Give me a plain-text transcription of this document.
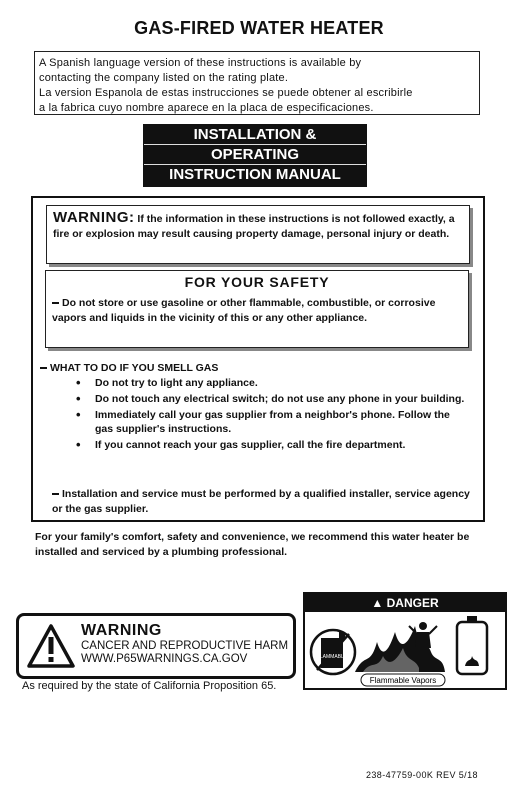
GAS-FIRED WATER HEATER
A Spanish language version of these instructions is available by
contacting the company listed on the rating plate.
La version Espanola de estas instrucciones se puede obtener al escribirle
a la fabrica cuyo nombre aparece en la placa de especificaciones.
INSTALLATION &
OPERATING
INSTRUCTION MANUAL
WARNING: If the information in these instructions is not followed exactly, a fire or explosion may result causing property damage, personal injury or death.
FOR YOUR SAFETY
Do not store or use gasoline or other flammable, combustible, or corrosive vapors and liquids in the vicinity of this or any other appliance.
WHAT TO DO IF YOU SMELL GAS
• Do not try to light any appliance.
• Do not touch any electrical switch; do not use any phone in your building.
• Immediately call your gas supplier from a neighbor's phone. Follow the gas supplier's instructions.
• If you cannot reach your gas supplier, call the fire department.
Installation and service must be performed by a qualified installer, service agency or the gas supplier.
For your family's comfort, safety and convenience, we recommend this water heater be installed and serviced by a plumbing professional.
WARNING
CANCER AND REPRODUCTIVE HARM
WWW.P65WARNINGS.CA.GOV
As required by the state of California Proposition 65.
▲ DANGER
FLAMMABLE
Flammable Vapors
238-47759-00K REV 5/18
